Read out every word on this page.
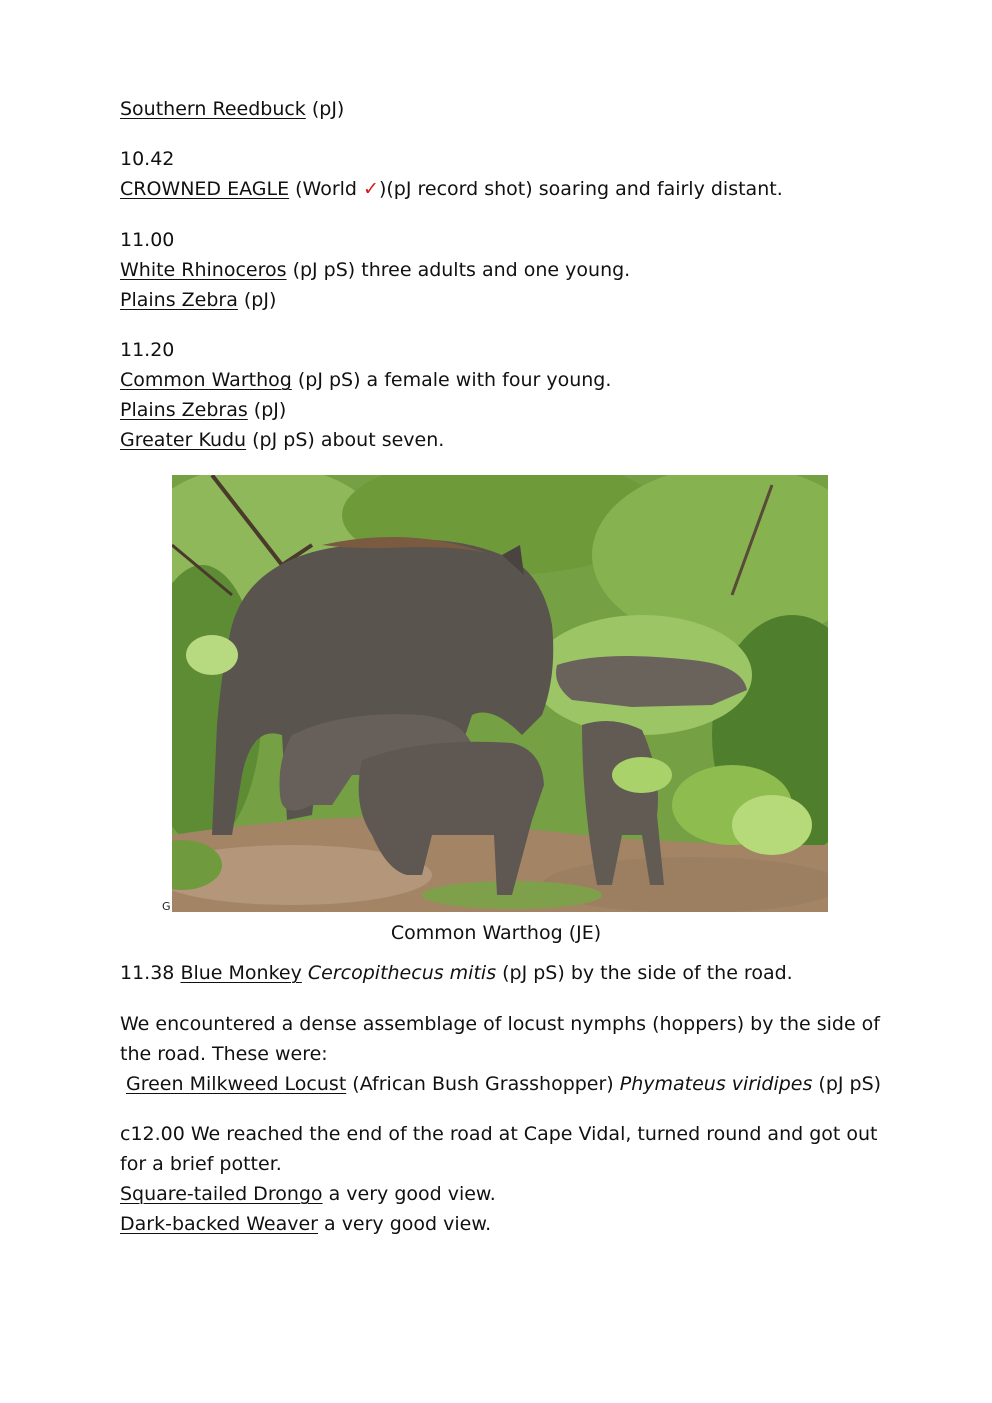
Southern Reedbuck (pJ)
10.42
CROWNED EAGLE (World ✓)(pJ record shot) soaring and fairly distant.
11.00
White Rhinoceros (pJ pS) three adults and one young.
Plains Zebra (pJ)
11.20
Common Warthog (pJ pS) a female with four young.
Plains Zebras (pJ)
Greater Kudu (pJ pS) about seven.
G
Common Warthog (JE)
11.38 Blue Monkey Cercopithecus mitis (pJ pS) by the side of the road.
We encountered a dense assemblage of locust nymphs (hoppers) by the side of
the road. These were:
Green Milkweed Locust (African Bush Grasshopper) Phymateus viridipes (pJ pS)
c12.00 We reached the end of the road at Cape Vidal, turned round and got out
for a brief potter.
Square-tailed Drongo a very good view.
Dark-backed Weaver a very good view.
